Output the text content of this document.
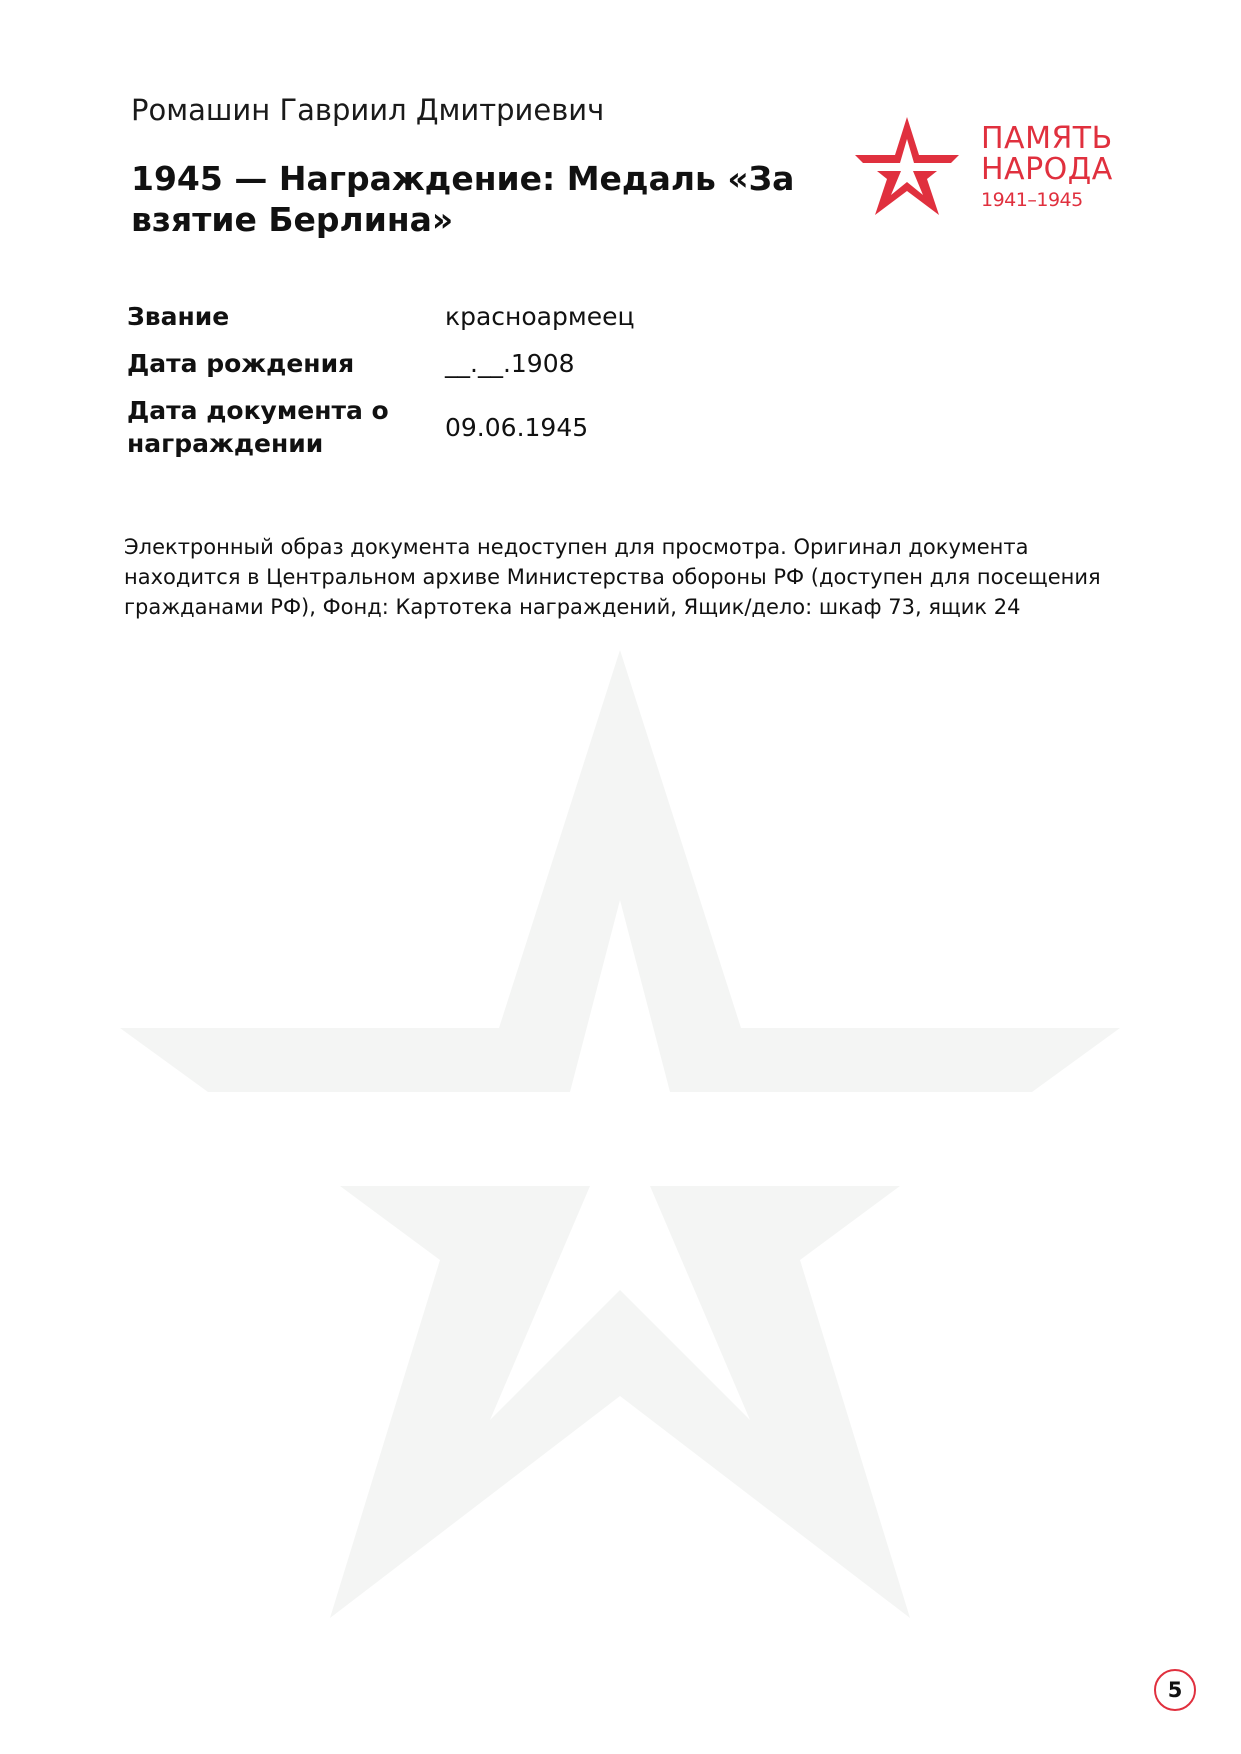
Ромашин Гавриил Дмитриевич
1945 — Награждение: Медаль «За взятие Берлина»
ПАМЯТЬ
НАРОДА
1941–1945
Звание	красноармеец
Дата рождения	__.__.1908
Дата документа о награждении
09.06.1945
Электронный образ документа недоступен для просмотра. Оригинал документа находится в Центральном архиве Министерства обороны РФ (доступен для посещения гражданами РФ), Фонд: Картотека награждений, Ящик/дело: шкаф 73, ящик 24
5
